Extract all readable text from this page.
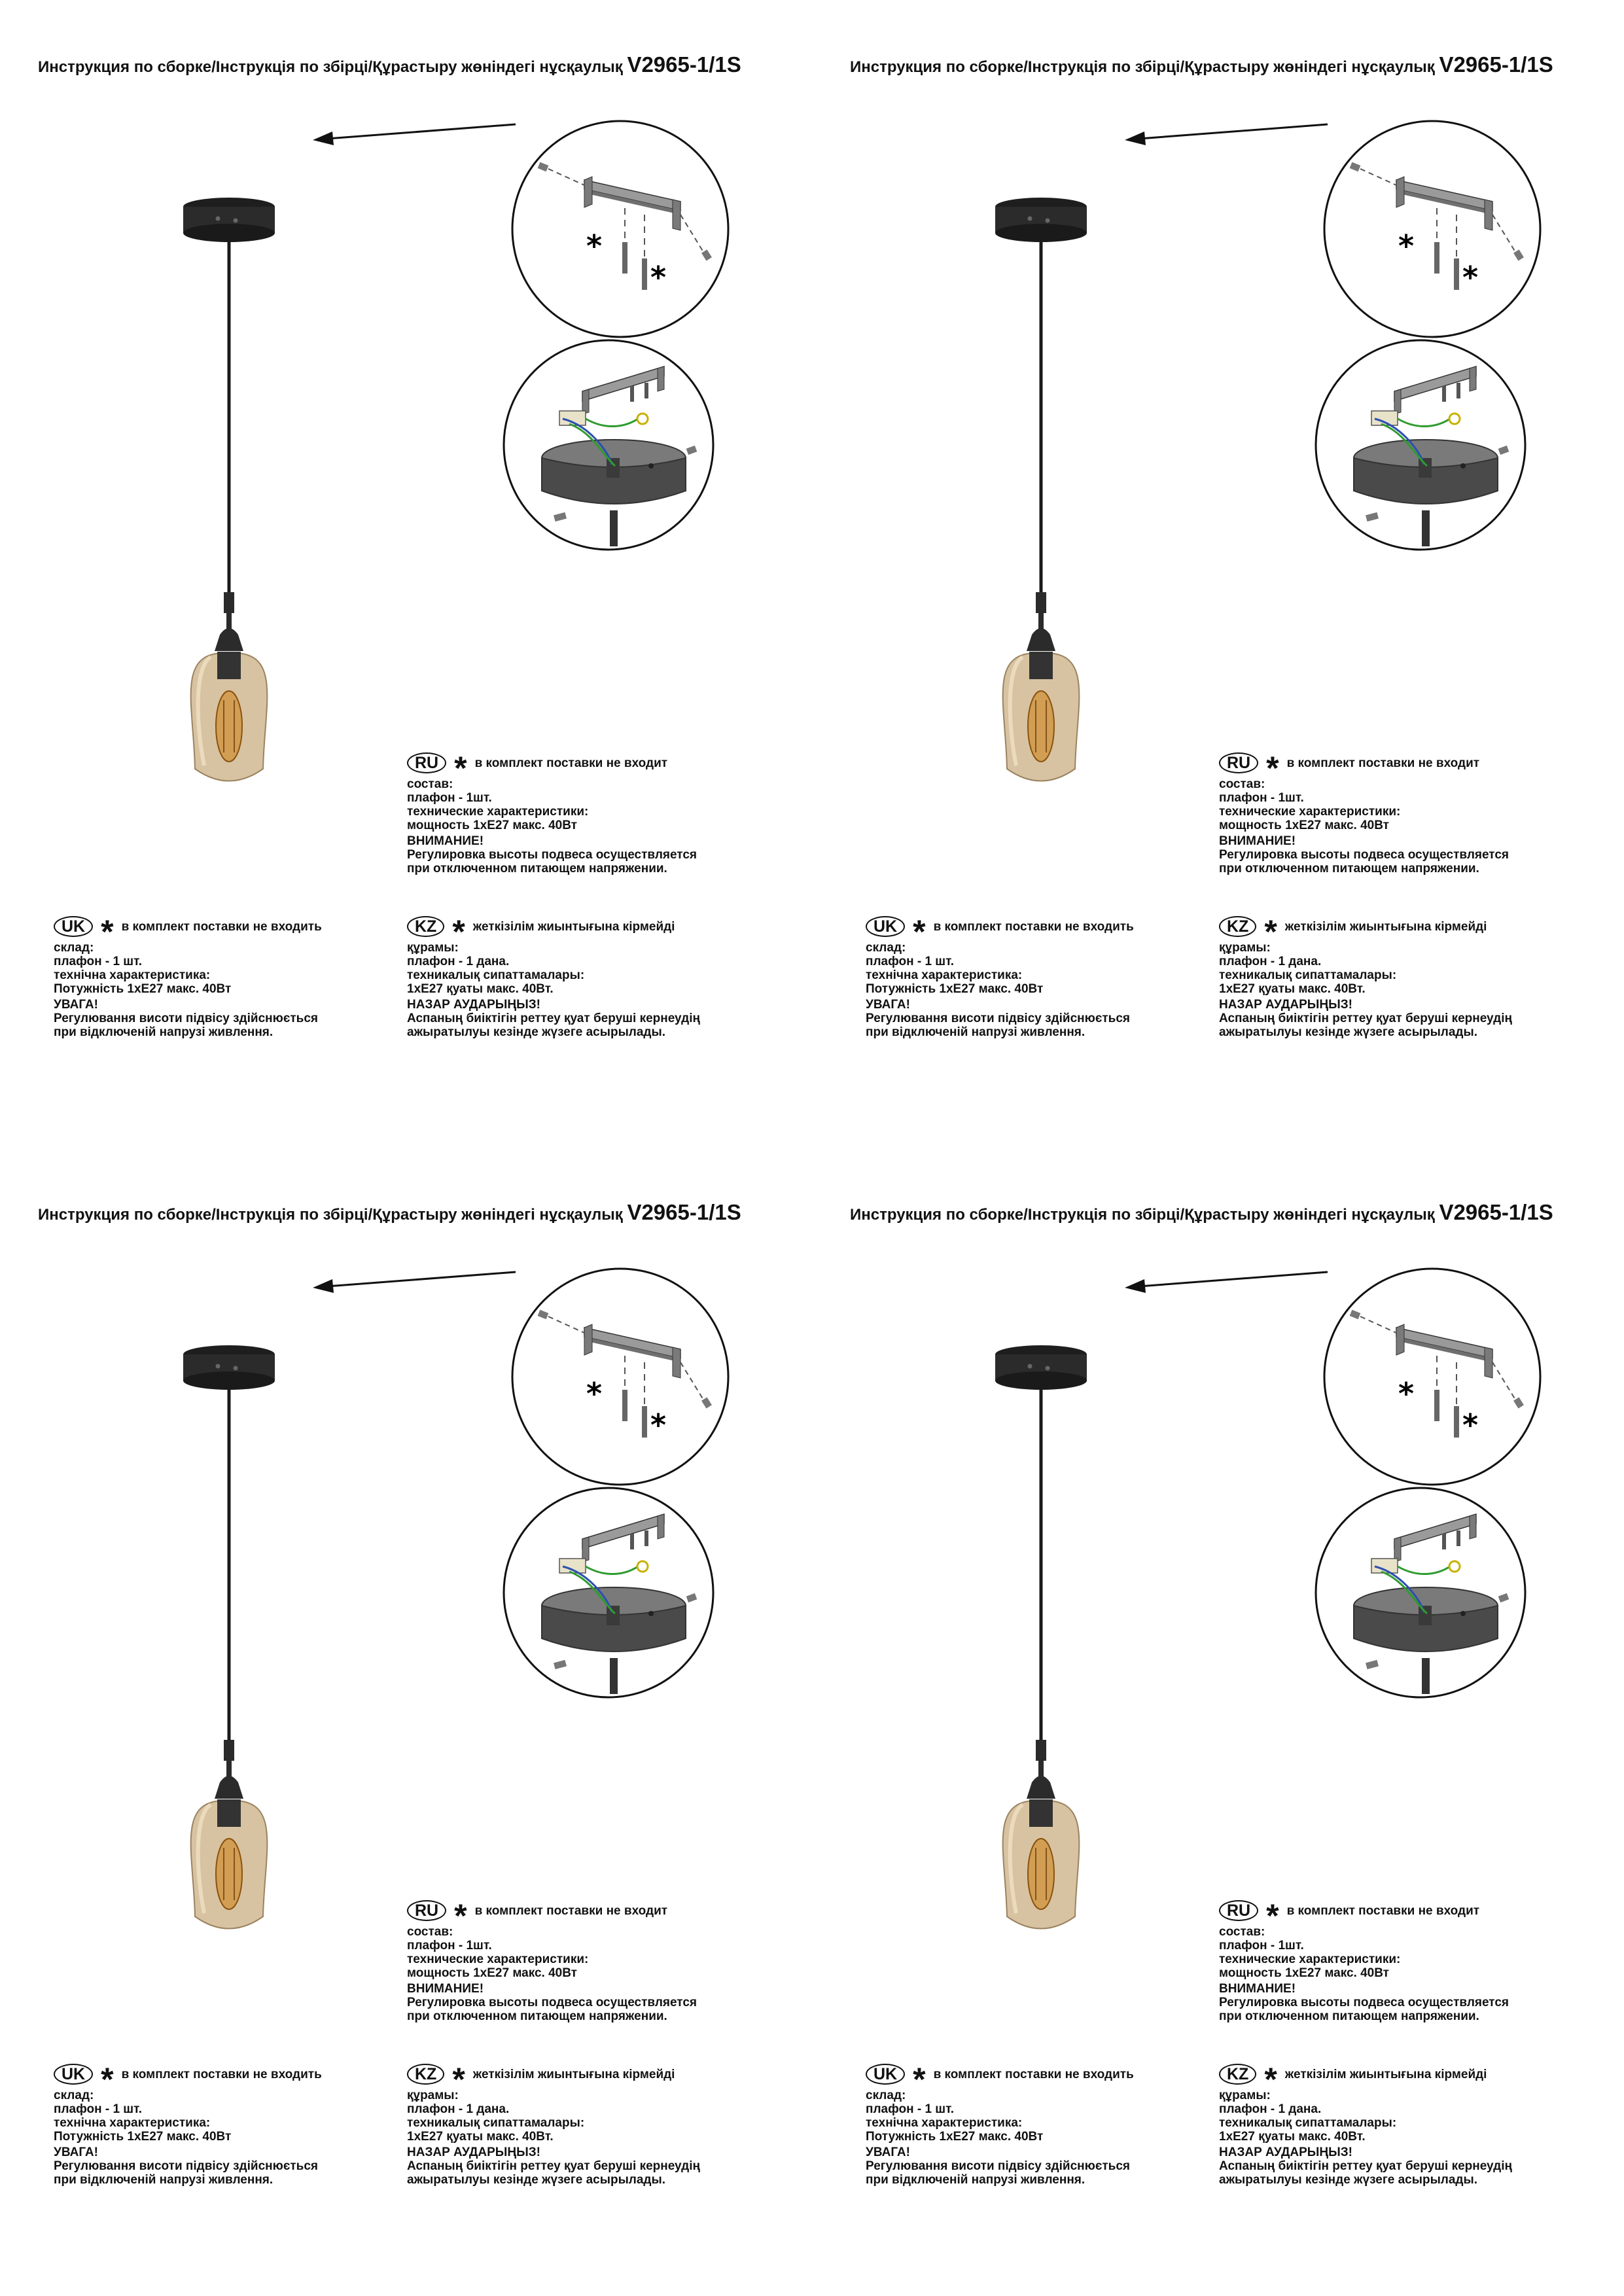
Инструкция по сборке/Інструкція по збірці/Құрастыру жөніндегі нұсқаулық V2965-1/1S
*
*
RU * в комплект поставки не входит
состав:
плафон - 1шт.
технические характеристики:
мощность 1хЕ27 макс. 40Вт
ВНИМАНИЕ!
Регулировка высоты подвеса осуществляется
при отключенном питающем напряжении.
UK * в комплект поставки не входить
склад:
плафон - 1 шт.
технічна характеристика:
Потужність 1хЕ27 макс. 40Вт
УВАГА!
Регулювання висоти підвісу здійснюється
при відключеній напрузі живлення.
KZ * жеткізілім жиынтығына кірмейді
құрамы:
плафон - 1 дана.
техникалық сипаттамалары:
1хЕ27 қуаты макс. 40Вт.
НАЗАР АУДАРЫҢЫЗ!
Аспаның биіктігін реттеу қуат беруші кернеудің
ажыратылуы кезінде жүзеге асырылады.
Инструкция по сборке/Інструкція по збірці/Құрастыру жөніндегі нұсқаулық V2965-1/1S
*
*
RU * в комплект поставки не входит
состав:
плафон - 1шт.
технические характеристики:
мощность 1хЕ27 макс. 40Вт
ВНИМАНИЕ!
Регулировка высоты подвеса осуществляется
при отключенном питающем напряжении.
UK * в комплект поставки не входить
склад:
плафон - 1 шт.
технічна характеристика:
Потужність 1хЕ27 макс. 40Вт
УВАГА!
Регулювання висоти підвісу здійснюється
при відключеній напрузі живлення.
KZ * жеткізілім жиынтығына кірмейді
құрамы:
плафон - 1 дана.
техникалық сипаттамалары:
1хЕ27 қуаты макс. 40Вт.
НАЗАР АУДАРЫҢЫЗ!
Аспаның биіктігін реттеу қуат беруші кернеудің
ажыратылуы кезінде жүзеге асырылады.
Инструкция по сборке/Інструкція по збірці/Құрастыру жөніндегі нұсқаулық V2965-1/1S
*
*
RU * в комплект поставки не входит
состав:
плафон - 1шт.
технические характеристики:
мощность 1хЕ27 макс. 40Вт
ВНИМАНИЕ!
Регулировка высоты подвеса осуществляется
при отключенном питающем напряжении.
UK * в комплект поставки не входить
склад:
плафон - 1 шт.
технічна характеристика:
Потужність 1хЕ27 макс. 40Вт
УВАГА!
Регулювання висоти підвісу здійснюється
при відключеній напрузі живлення.
KZ * жеткізілім жиынтығына кірмейді
құрамы:
плафон - 1 дана.
техникалық сипаттамалары:
1хЕ27 қуаты макс. 40Вт.
НАЗАР АУДАРЫҢЫЗ!
Аспаның биіктігін реттеу қуат беруші кернеудің
ажыратылуы кезінде жүзеге асырылады.
Инструкция по сборке/Інструкція по збірці/Құрастыру жөніндегі нұсқаулық V2965-1/1S
*
*
RU * в комплект поставки не входит
состав:
плафон - 1шт.
технические характеристики:
мощность 1хЕ27 макс. 40Вт
ВНИМАНИЕ!
Регулировка высоты подвеса осуществляется
при отключенном питающем напряжении.
UK * в комплект поставки не входить
склад:
плафон - 1 шт.
технічна характеристика:
Потужність 1хЕ27 макс. 40Вт
УВАГА!
Регулювання висоти підвісу здійснюється
при відключеній напрузі живлення.
KZ * жеткізілім жиынтығына кірмейді
құрамы:
плафон - 1 дана.
техникалық сипаттамалары:
1хЕ27 қуаты макс. 40Вт.
НАЗАР АУДАРЫҢЫЗ!
Аспаның биіктігін реттеу қуат беруші кернеудің
ажыратылуы кезінде жүзеге асырылады.
